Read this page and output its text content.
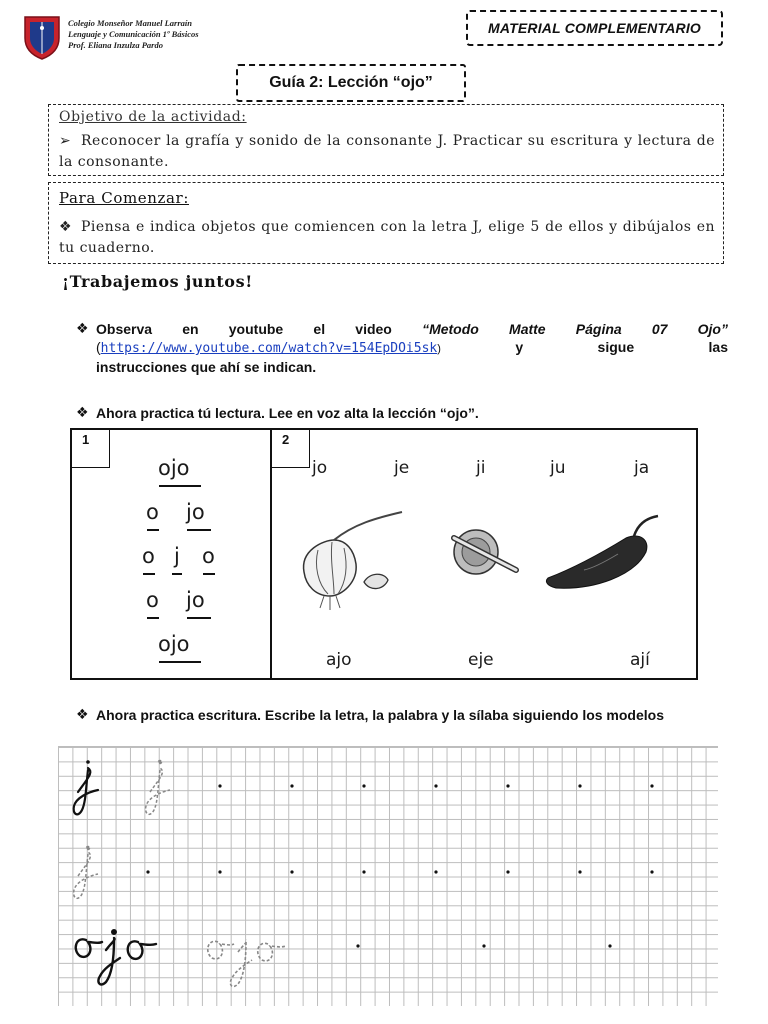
Colegio Monseñor Manuel Larraín
Lenguaje y Comunicación 1º Básicos
Prof. Eliana Inzulza Pardo
MATERIAL COMPLEMENTARIO
Guía 2: Lección “ojo”
Objetivo de la actividad:
➢ Reconocer la grafía y sonido de la consonante J. Practicar su escritura y lectura de la consonante.
Para Comenzar:
❖ Piensa e indica objetos que comiencen con la letra J, elige 5 de ellos y dibújalos en tu cuaderno.
¡Trabajemos juntos!
❖ Observa en youtube el video “Metodo Matte Página 07 Ojo” (https://www.youtube.com/watch?v=154EpDOi5sk) y sigue las
instrucciones que ahí se indican.
❖ Ahora practica tú lectura. Lee en voz alta la lección “ojo”.
1	2
ojo
o jo
o j o
o jo
ojo
jo	je	ji	ju	ja
ajo	eje	ají
❖ Ahora practica escritura. Escribe la letra, la palabra y la sílaba siguiendo los modelos
